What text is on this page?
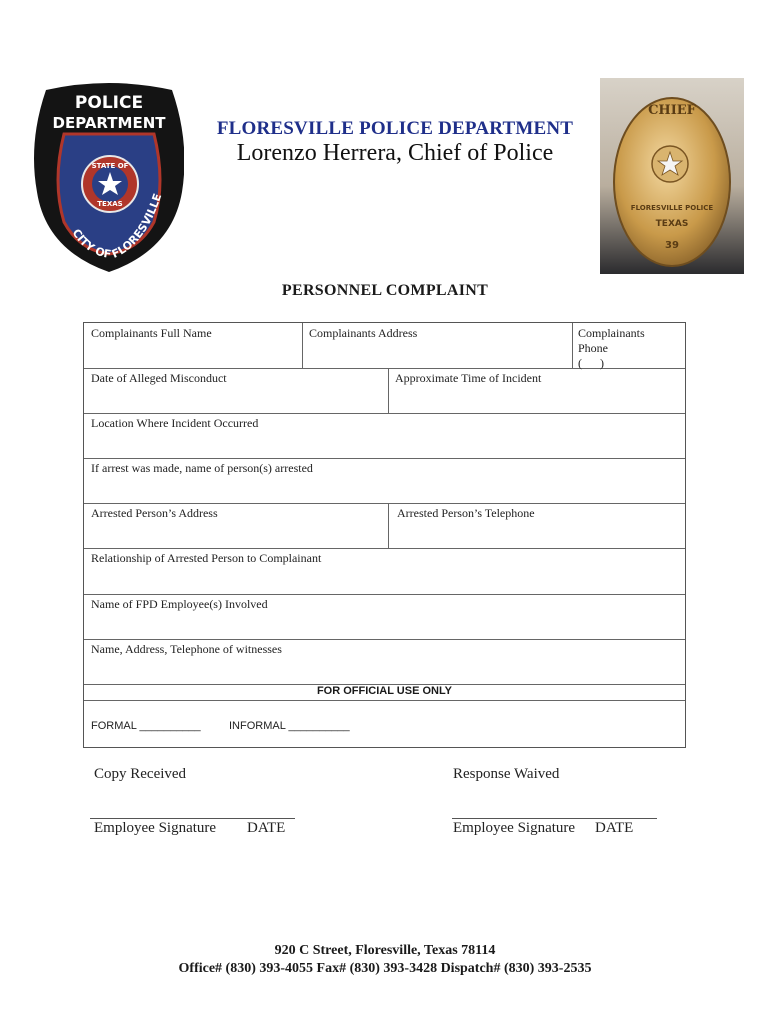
POLICE
DEPARTMENT
STATE OF
TEXAS
CITY OF
FLORESVILLE
FLORESVILLE POLICE DEPARTMENT
Lorenzo Herrera, Chief of Police
CHIEF
FLORESVILLE POLICE
TEXAS
39
PERSONNEL COMPLAINT
Complainants Full Name	Complainants Address	Complainants
Phone
(      )
Date of Alleged Misconduct	Approximate Time of Incident
Location Where Incident Occurred
If arrest was made, name of person(s) arrested
Arrested Person’s Address	Arrested Person’s Telephone
Relationship of Arrested Person to Complainant
Name of FPD Employee(s) Involved
Name, Address, Telephone of witnesses
FOR OFFICIAL USE ONLY
FORMAL __________	INFORMAL __________
Copy Received	Response Waived
Employee Signature DATE	Employee Signature DATE
920 C Street, Floresville, Texas 78114
Office# (830) 393-4055 Fax# (830) 393-3428 Dispatch# (830) 393-2535
